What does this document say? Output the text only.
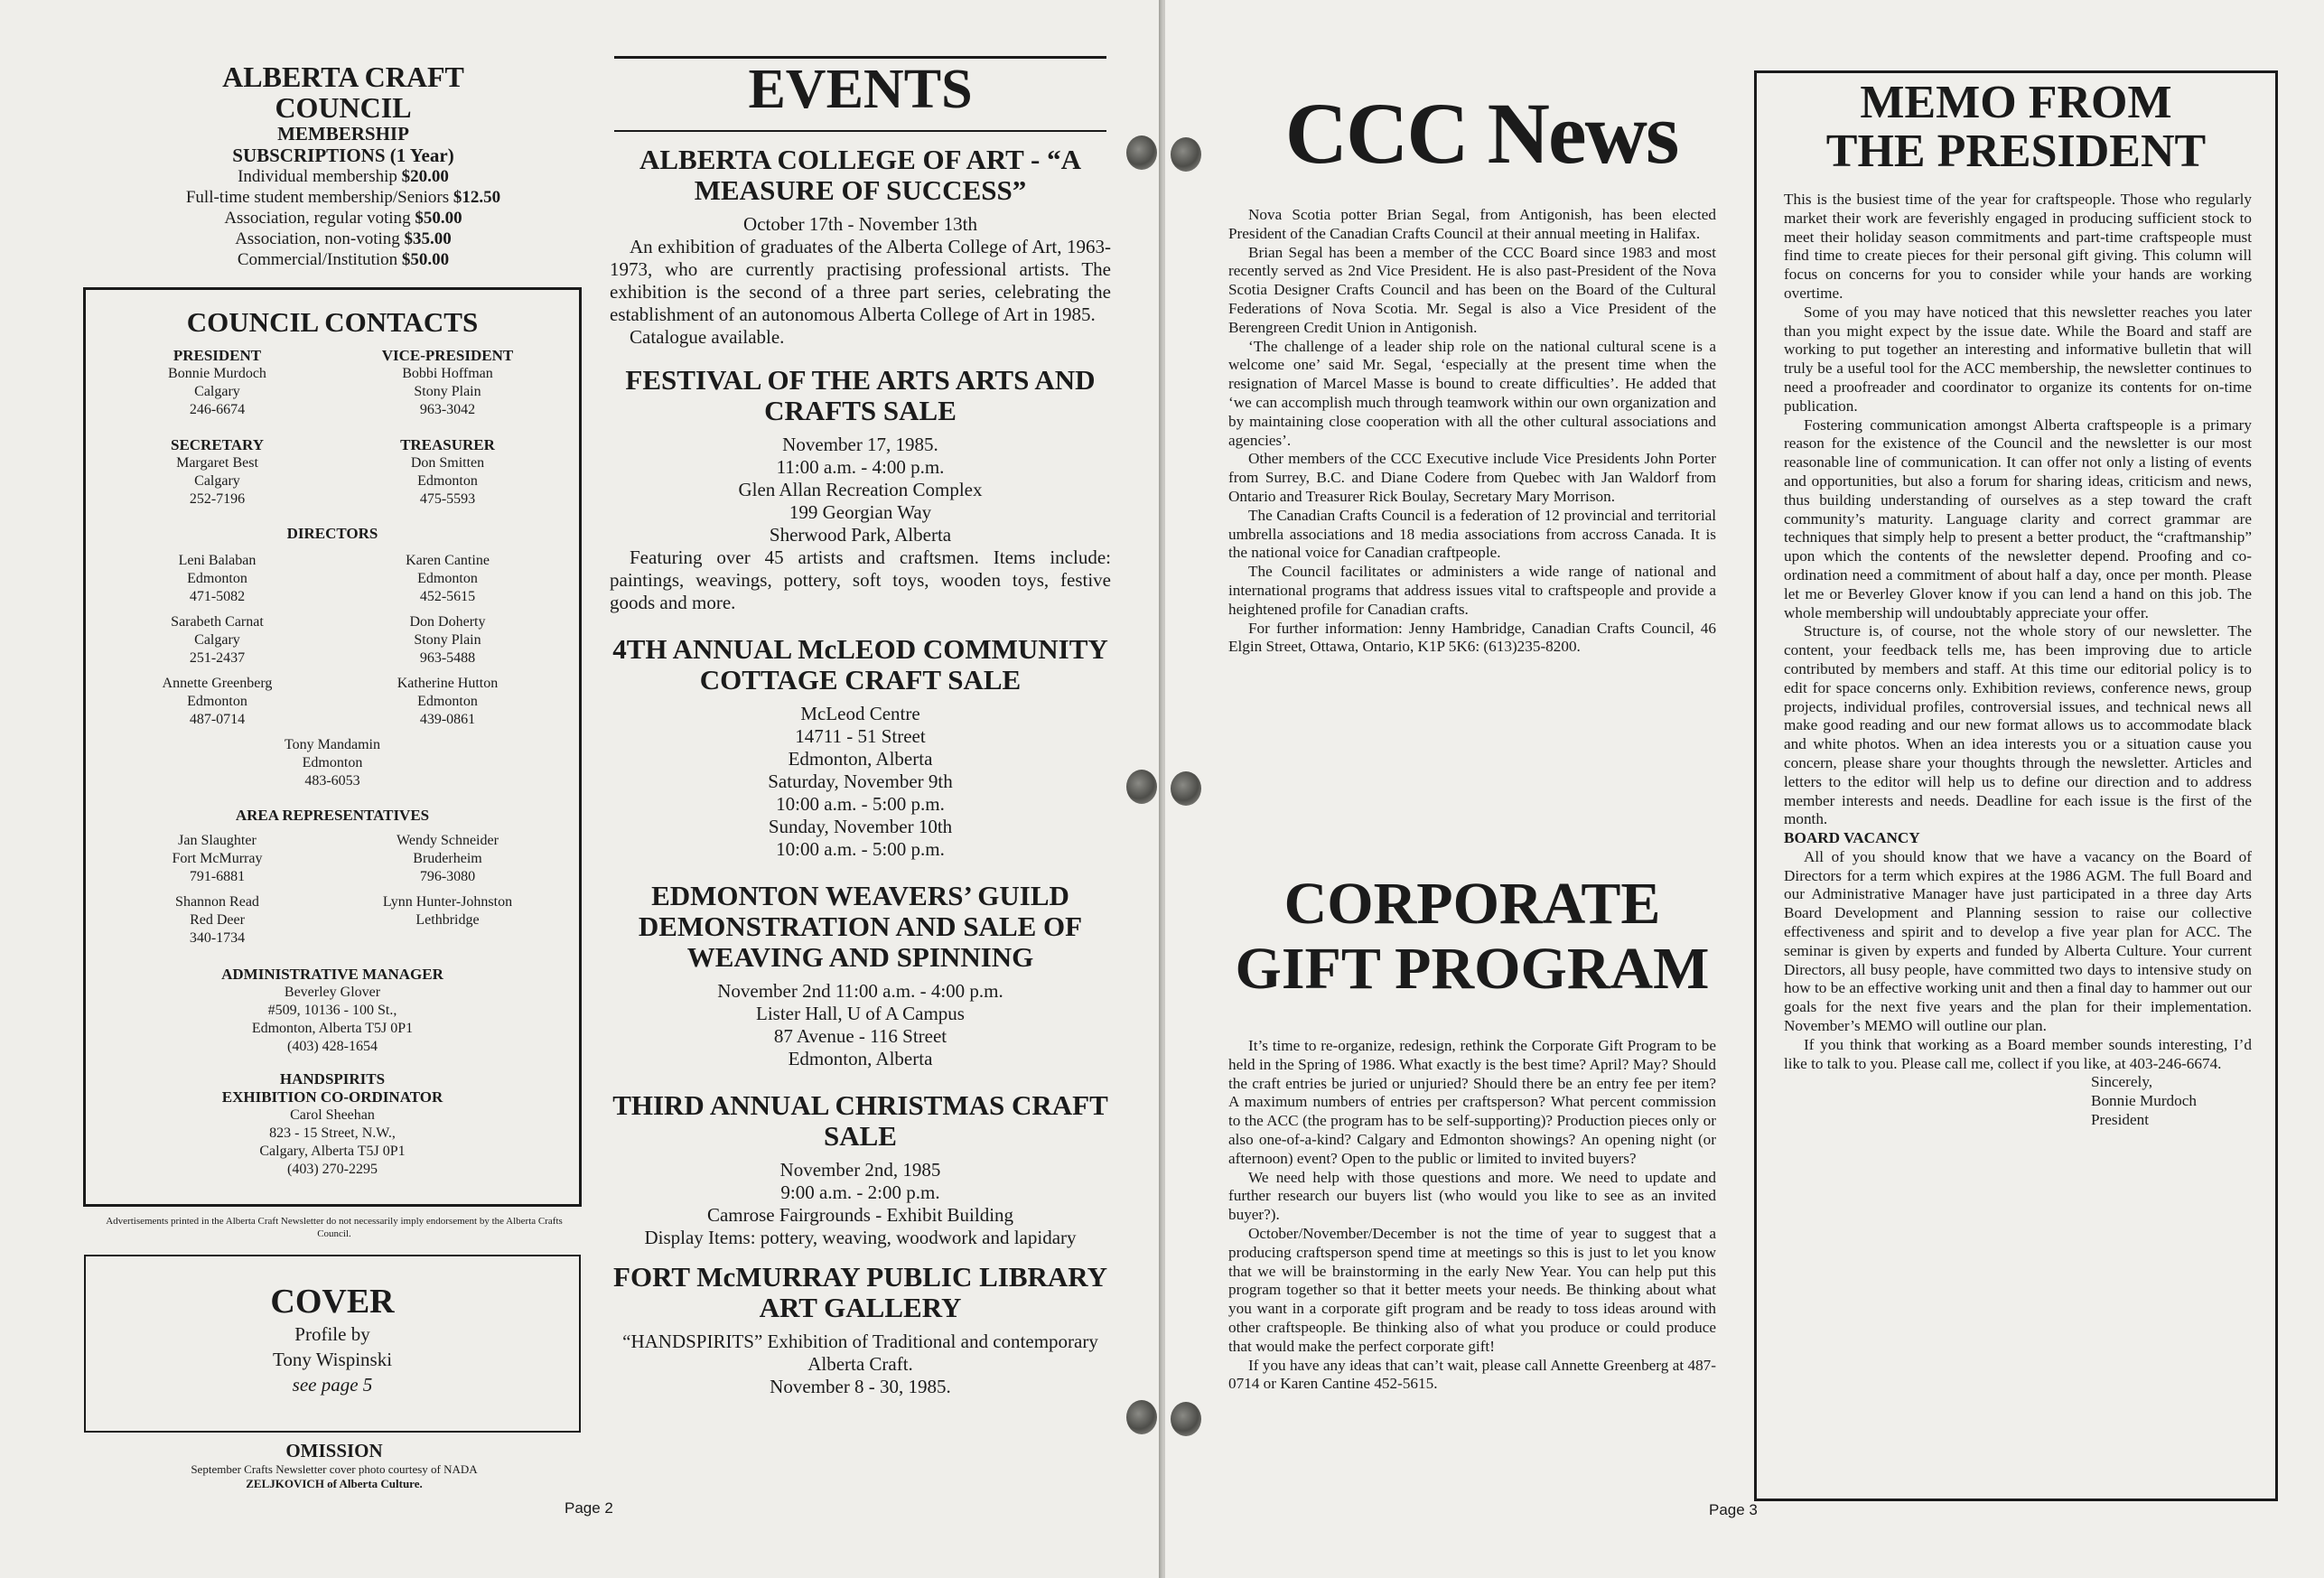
ALBERTA CRAFT
COUNCIL
MEMBERSHIP
SUBSCRIPTIONS (1 Year)
Individual membership $20.00
Full-time student membership/Seniors $12.50
Association, regular voting $50.00
Association, non-voting $35.00
Commercial/Institution $50.00
COUNCIL CONTACTS
PRESIDENT
Bonnie Murdoch
Calgary
246-6674
VICE-PRESIDENT
Bobbi Hoffman
Stony Plain
963-3042
SECRETARY
Margaret Best
Calgary
252-7196
TREASURER
Don Smitten
Edmonton
475-5593
DIRECTORS
Leni Balaban
Edmonton
471-5082
Karen Cantine
Edmonton
452-5615
Sarabeth Carnat
Calgary
251-2437
Don Doherty
Stony Plain
963-5488
Annette Greenberg
Edmonton
487-0714
Katherine Hutton
Edmonton
439-0861
Tony Mandamin
Edmonton
483-6053
AREA REPRESENTATIVES
Jan Slaughter
Fort McMurray
791-6881
Wendy Schneider
Bruderheim
796-3080
Shannon Read
Red Deer
340-1734
Lynn Hunter-Johnston
Lethbridge
ADMINISTRATIVE MANAGER
Beverley Glover
#509, 10136 - 100 St.,
Edmonton, Alberta T5J 0P1
(403) 428-1654
HANDSPIRITS
EXHIBITION CO-ORDINATOR
Carol Sheehan
823 - 15 Street, N.W.,
Calgary, Alberta T5J 0P1
(403) 270-2295
Advertisements printed in the Alberta Craft Newsletter do not necessarily imply endorsement by the Alberta Crafts Council.
COVER
Profile by
Tony Wispinski
see page 5
OMISSION
September Crafts Newsletter cover photo courtesy of NADA
ZELJKOVICH of Alberta Culture.
EVENTS
ALBERTA COLLEGE OF ART - “A MEASURE OF SUCCESS”
October 17th - November 13th
An exhibition of graduates of the Alberta College of Art, 1963-1973, who are currently practising professional artists. The exhibition is the second of a three part series, celebrating the establishment of an autonomous Alberta College of Art in 1985.
Catalogue available.
FESTIVAL OF THE ARTS ARTS AND CRAFTS SALE
November 17, 1985.
11:00 a.m. - 4:00 p.m.
Glen Allan Recreation Complex
199 Georgian Way
Sherwood Park, Alberta
Featuring over 45 artists and craftsmen. Items include: paintings, weavings, pottery, soft toys, wooden toys, festive goods and more.
4TH ANNUAL McLEOD COMMUNITY COTTAGE CRAFT SALE
McLeod Centre
14711 - 51 Street
Edmonton, Alberta
Saturday, November 9th
10:00 a.m. - 5:00 p.m.
Sunday, November 10th
10:00 a.m. - 5:00 p.m.
EDMONTON WEAVERS’ GUILD DEMONSTRATION AND SALE OF WEAVING AND SPINNING
November 2nd 11:00 a.m. - 4:00 p.m.
Lister Hall, U of A Campus
87 Avenue - 116 Street
Edmonton, Alberta
THIRD ANNUAL CHRISTMAS CRAFT SALE
November 2nd, 1985
9:00 a.m. - 2:00 p.m.
Camrose Fairgrounds - Exhibit Building
Display Items: pottery, weaving, woodwork and lapidary
FORT McMURRAY PUBLIC LIBRARY ART GALLERY
“HANDSPIRITS” Exhibition of Traditional and contemporary Alberta Craft.
November 8 - 30, 1985.
Page 2
CCC News

Nova Scotia potter Brian Segal, from Antigonish, has been elected President of the Canadian Crafts Council at their annual meeting in Halifax.

Brian Segal has been a member of the CCC Board since 1983 and most recently served as 2nd Vice President. He is also past-President of the Nova Scotia Designer Crafts Council and has been on the Board of the Cultural Federations of Nova Scotia. Mr. Segal is also a Vice President of the Berengreen Credit Union in Antigonish.

‘The challenge of a leader ship role on the national cultural scene is a welcome one’ said Mr. Segal, ‘especially at the present time when the resignation of Marcel Masse is bound to create difficulties’. He added that ‘we can accomplish much through teamwork within our own organization and by maintaining close cooperation with all the other cultural associations and agencies’.

Other members of the CCC Executive include Vice Presidents John Porter from Surrey, B.C. and Diane Codere from Quebec with Jan Waldorf from Ontario and Treasurer Rick Boulay, Secretary Mary Morrison.

The Canadian Crafts Council is a federation of 12 provincial and territorial umbrella associations and 18 media associations from accross Canada. It is the national voice for Canadian craftpeople.

The Council facilitates or administers a wide range of national and international programs that address issues vital to craftspeople and provide a heightened profile for Canadian crafts.

For further information: Jenny Hambridge, Canadian Crafts Council, 46 Elgin Street, Ottawa, Ontario, K1P 5K6: (613)235-8200.

CORPORATE
GIFT PROGRAM

It’s time to re-organize, redesign, rethink the Corporate Gift Program to be held in the Spring of 1986. What exactly is the best time? April? May? Should the craft entries be juried or unjuried? Should there be an entry fee per item? A maximum numbers of entries per craftsperson? What percent commission to the ACC (the program has to be self-supporting)? Production pieces only or also one-of-a-kind? Calgary and Edmonton showings? An opening night (or afternoon) event? Open to the public or limited to invited buyers?

We need help with those questions and more. We need to update and further research our buyers list (who would you like to see as an invited buyer?).

October/November/December is not the time of year to suggest that a producing craftsperson spend time at meetings so this is just to let you know that we will be brainstorming in the early New Year. You can help put this program together so that it better meets your needs. Be thinking about what you want in a corporate gift program and be ready to toss ideas around with other craftspeople. Be thinking also of what you produce or could produce that would make the perfect corporate gift!

If you have any ideas that can’t wait, please call Annette Greenberg at 487-0714 or Karen Cantine 452-5615.

MEMO FROM
THE PRESIDENT

This is the busiest time of the year for craftspeople. Those who regularly market their work are feverishly engaged in producing sufficient stock to meet their holiday season commitments and part-time craftspeople must find time to create pieces for their personal gift giving. This column will focus on concerns for you to consider while your hands are working overtime.

Some of you may have noticed that this newsletter reaches you later than you might expect by the issue date. While the Board and staff are working to put together an interesting and informative bulletin that will truly be a useful tool for the ACC membership, the newsletter continues to need a proofreader and coordinator to organize its contents for on-time publication.

Fostering communication amongst Alberta craftspeople is a primary reason for the existence of the Council and the newsletter is our most reasonable line of communication. It can offer not only a listing of events and opportunities, but also a forum for sharing ideas, criticism and news, thus building understanding of ourselves as a step toward the craft community’s maturity. Language clarity and correct grammar are techniques that simply help to present a better product, the “craftmanship” upon which the contents of the newsletter depend. Proofing and co-ordination need a commitment of about half a day, once per month. Please let me or Beverley Glover know if you can lend a hand on this job. The whole membership will undoubtably appreciate your offer.

Structure is, of course, not the whole story of our newsletter. The content, your feedback tells me, has been improving due to article contributed by members and staff. At this time our editorial policy is to edit for space concerns only. Exhibition reviews, conference news, group projects, individual profiles, controversial issues, and technical news all make good reading and our new format allows us to accommodate black and white photos. When an idea interests you or a situation cause you concern, please share your thoughts through the newsletter. Articles and letters to the editor will help us to define our direction and to address member interests and needs. Deadline for each issue is the first of the month.

BOARD VACANCY

All of you should know that we have a vacancy on the Board of Directors for a term which expires at the 1986 AGM. The full Board and our Administrative Manager have just participated in a three day Arts Board Development and Planning session to raise our collective effectiveness and spirit and to develop a five year plan for ACC. The seminar is given by experts and funded by Alberta Culture. Your current Directors, all busy people, have committed two days to intensive study on how to be an effective working unit and then a final day to hammer out our goals for the next five years and the plan for their implementation. November’s MEMO will outline our plan.

If you think that working as a Board member sounds interesting, I’d like to talk to you. Please call me, collect if you like, at 403-246-6674.

Sincerely,
Bonnie Murdoch
President
Page 3
